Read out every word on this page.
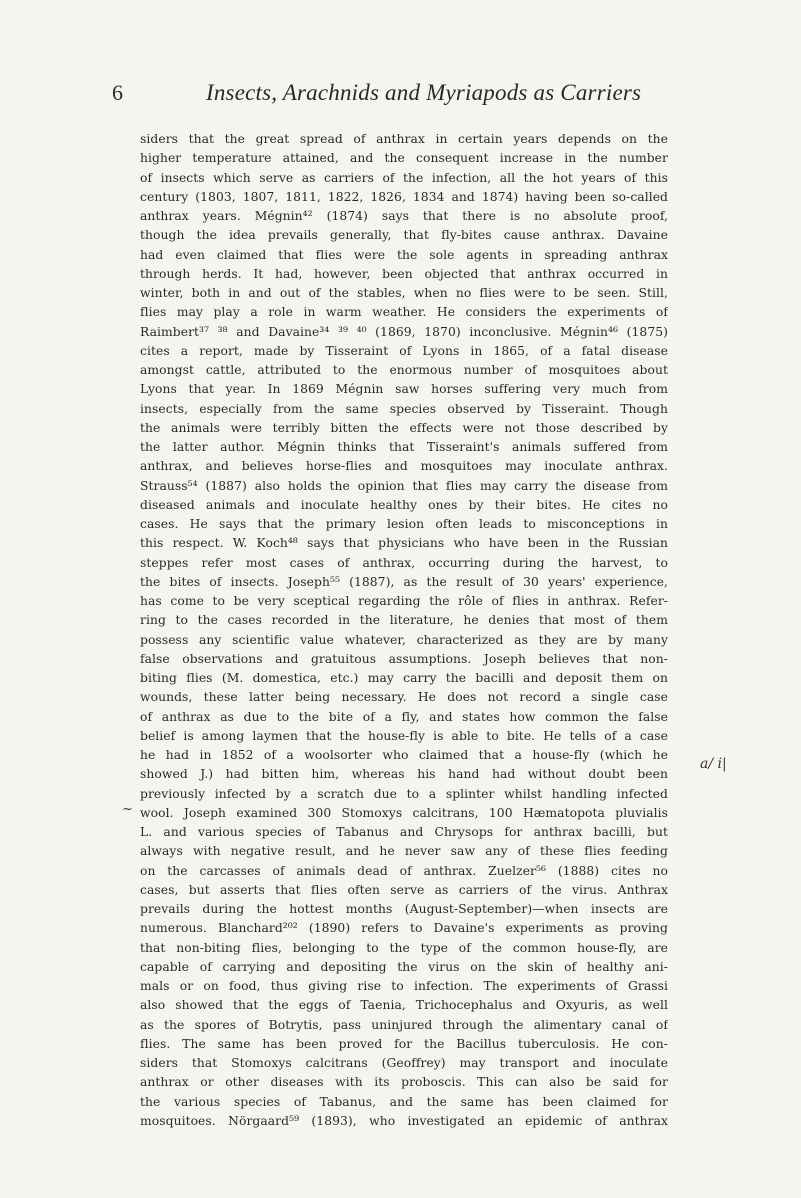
6	Insects, Arachnids and Myriapods as Carriers
siders that the great spread of anthrax in certain years depends on the
higher temperature attained, and the consequent increase in the number
of insects which serve as carriers of the infection, all the hot years of this
century (1803, 1807, 1811, 1822, 1826, 1834 and 1874) having been so-called
anthrax years. Mégnin⁴² (1874) says that there is no absolute proof,
though the idea prevails generally, that fly-bites cause anthrax. Davaine
had even claimed that flies were the sole agents in spreading anthrax
through herds. It had, however, been objected that anthrax occurred in
winter, both in and out of the stables, when no flies were to be seen. Still,
flies may play a role in warm weather. He considers the experiments of
Raimbert³⁷ ³⁸ and Davaine³⁴ ³⁹ ⁴⁰ (1869, 1870) inconclusive. Mégnin⁴⁶ (1875)
cites a report, made by Tisseraint of Lyons in 1865, of a fatal disease
amongst cattle, attributed to the enormous number of mosquitoes about
Lyons that year. In 1869 Mégnin saw horses suffering very much from
insects, especially from the same species observed by Tisseraint. Though
the animals were terribly bitten the effects were not those described by
the latter author. Mégnin thinks that Tisseraint's animals suffered from
anthrax, and believes horse-flies and mosquitoes may inoculate anthrax.
Strauss⁵⁴ (1887) also holds the opinion that flies may carry the disease from
diseased animals and inoculate healthy ones by their bites. He cites no
cases. He says that the primary lesion often leads to misconceptions in
this respect. W. Koch⁴⁸ says that physicians who have been in the Russian
steppes refer most cases of anthrax, occurring during the harvest, to
the bites of insects. Joseph⁵⁵ (1887), as the result of 30 years' experience,
has come to be very sceptical regarding the rôle of flies in anthrax. Refer-
ring to the cases recorded in the literature, he denies that most of them
possess any scientific value whatever, characterized as they are by many
false observations and gratuitous assumptions. Joseph believes that non-
biting flies (M. domestica, etc.) may carry the bacilli and deposit them on
wounds, these latter being necessary. He does not record a single case
of anthrax as due to the bite of a fly, and states how common the false
belief is among laymen that the house-fly is able to bite. He tells of a case
he had in 1852 of a woolsorter who claimed that a house-fly (which he
showed J.) had bitten him, whereas his hand had without doubt been
previously infected by a scratch due to a splinter whilst handling infected
wool. Joseph examined 300 Stomoxys calcitrans, 100 Hæmatopota pluvialis
L. and various species of Tabanus and Chrysops for anthrax bacilli, but
always with negative result, and he never saw any of these flies feeding
on the carcasses of animals dead of anthrax. Zuelzer⁵⁶ (1888) cites no
cases, but asserts that flies often serve as carriers of the virus. Anthrax
prevails during the hottest months (August-September)—when insects are
numerous. Blanchard²⁰² (1890) refers to Davaine's experiments as proving
that non-biting flies, belonging to the type of the common house-fly, are
capable of carrying and depositing the virus on the skin of healthy ani-
mals or on food, thus giving rise to infection. The experiments of Grassi
also showed that the eggs of Taenia, Trichocephalus and Oxyuris, as well
as the spores of Botrytis, pass uninjured through the alimentary canal of
flies. The same has been proved for the Bacillus tuberculosis. He con-
siders that Stomoxys calcitrans (Geoffrey) may transport and inoculate
anthrax or other diseases with its proboscis. This can also be said for
the various species of Tabanus, and the same has been claimed for
mosquitoes. Nörgaard⁵⁹ (1893), who investigated an epidemic of anthrax
a/ i|
~
